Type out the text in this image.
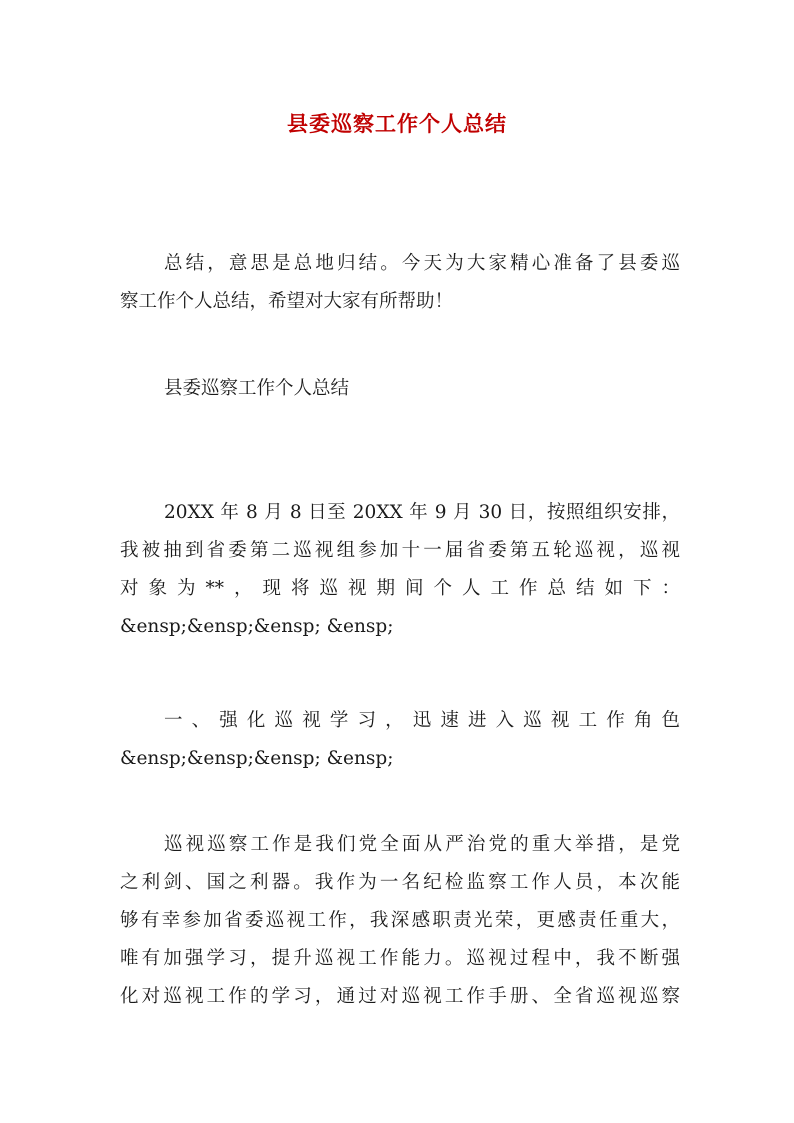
县委巡察工作个人总结

总结，意思是总地归结。今天为大家精心准备了县委巡
察工作个人总结，希望对大家有所帮助！

县委巡察工作个人总结

20XX 年 8 月 8 日至 20XX 年 9 月 30 日，按照组织安排，
我被抽到省委第二巡视组参加十一届省委第五轮巡视，巡视
对象为**，现将巡视期间个人工作总结如下：
&ensp;&ensp;&ensp; &ensp;

一、强化巡视学习，迅速进入巡视工作角色
&ensp;&ensp;&ensp; &ensp;

巡视巡察工作是我们党全面从严治党的重大举措，是党
之利剑、国之利器。我作为一名纪检监察工作人员，本次能
够有幸参加省委巡视工作，我深感职责光荣，更感责任重大，
唯有加强学习，提升巡视工作能力。巡视过程中，我不断强
化对巡视工作的学习，通过对巡视工作手册、全省巡视巡察
